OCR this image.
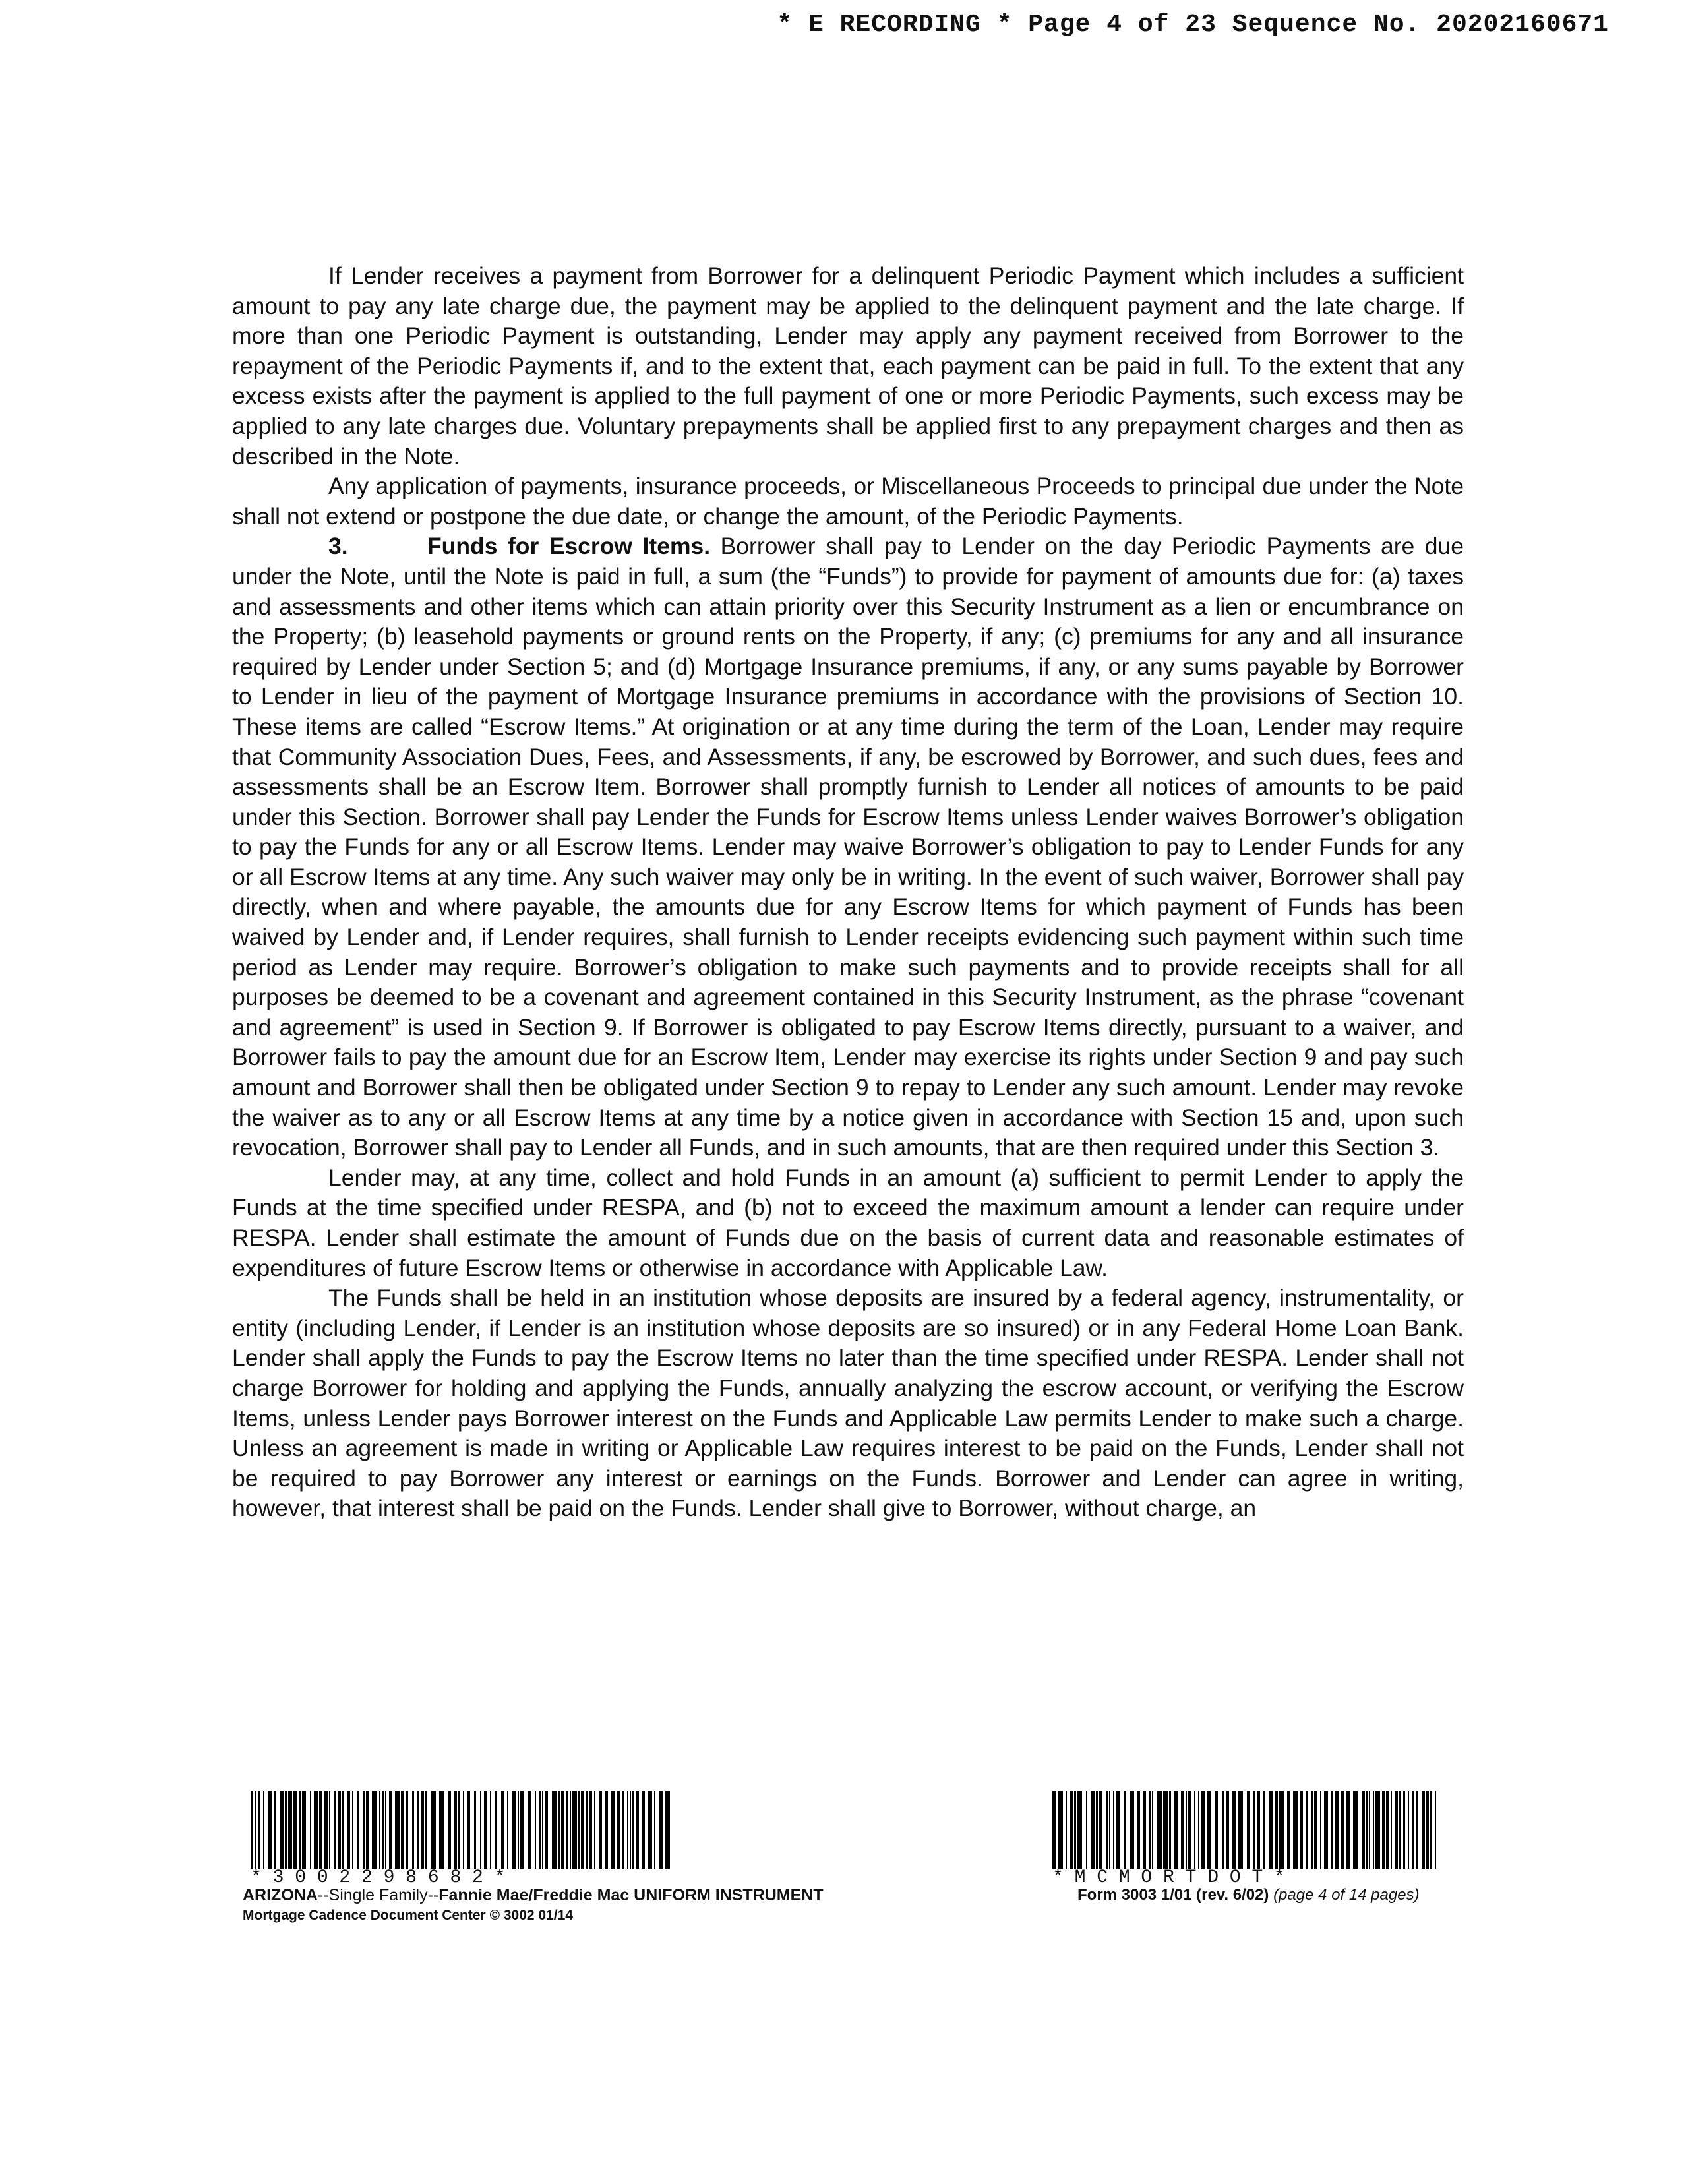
* E RECORDING * Page 4 of 23 Sequence No. 20202160671

If Lender receives a payment from Borrower for a delinquent Periodic Payment which includes a sufficient amount to pay any late charge due, the payment may be applied to the delinquent payment and the late charge. If more than one Periodic Payment is outstanding, Lender may apply any payment received from Borrower to the repayment of the Periodic Payments if, and to the extent that, each payment can be paid in full. To the extent that any excess exists after the payment is applied to the full payment of one or more Periodic Payments, such excess may be applied to any late charges due. Voluntary prepayments shall be applied first to any prepayment charges and then as described in the Note.

Any application of payments, insurance proceeds, or Miscellaneous Proceeds to principal due under the Note shall not extend or postpone the due date, or change the amount, of the Periodic Payments.

3.	Funds for Escrow Items. Borrower shall pay to Lender on the day Periodic Payments are due under the Note, until the Note is paid in full, a sum (the “Funds”) to provide for payment of amounts due for: (a) taxes and assessments and other items which can attain priority over this Security Instrument as a lien or encumbrance on the Property; (b) leasehold payments or ground rents on the Property, if any; (c) premiums for any and all insurance required by Lender under Section 5; and (d) Mortgage Insurance premiums, if any, or any sums payable by Borrower to Lender in lieu of the payment of Mortgage Insurance premiums in accordance with the provisions of Section 10. These items are called “Escrow Items.” At origination or at any time during the term of the Loan, Lender may require that Community Association Dues, Fees, and Assessments, if any, be escrowed by Borrower, and such dues, fees and assessments shall be an Escrow Item. Borrower shall promptly furnish to Lender all notices of amounts to be paid under this Section. Borrower shall pay Lender the Funds for Escrow Items unless Lender waives Borrower’s obligation to pay the Funds for any or all Escrow Items. Lender may waive Borrower’s obligation to pay to Lender Funds for any or all Escrow Items at any time. Any such waiver may only be in writing. In the event of such waiver, Borrower shall pay directly, when and where payable, the amounts due for any Escrow Items for which payment of Funds has been waived by Lender and, if Lender requires, shall furnish to Lender receipts evidencing such payment within such time period as Lender may require. Borrower’s obligation to make such payments and to provide receipts shall for all purposes be deemed to be a covenant and agreement contained in this Security Instrument, as the phrase “covenant and agreement” is used in Section 9. If Borrower is obligated to pay Escrow Items directly, pursuant to a waiver, and Borrower fails to pay the amount due for an Escrow Item, Lender may exercise its rights under Section 9 and pay such amount and Borrower shall then be obligated under Section 9 to repay to Lender any such amount. Lender may revoke the waiver as to any or all Escrow Items at any time by a notice given in accordance with Section 15 and, upon such revocation, Borrower shall pay to Lender all Funds, and in such amounts, that are then required under this Section 3.

Lender may, at any time, collect and hold Funds in an amount (a) sufficient to permit Lender to apply the Funds at the time specified under RESPA, and (b) not to exceed the maximum amount a lender can require under RESPA. Lender shall estimate the amount of Funds due on the basis of current data and reasonable estimates of expenditures of future Escrow Items or otherwise in accordance with Applicable Law.

The Funds shall be held in an institution whose deposits are insured by a federal agency, instrumentality, or entity (including Lender, if Lender is an institution whose deposits are so insured) or in any Federal Home Loan Bank. Lender shall apply the Funds to pay the Escrow Items no later than the time specified under RESPA. Lender shall not charge Borrower for holding and applying the Funds, annually analyzing the escrow account, or verifying the Escrow Items, unless Lender pays Borrower interest on the Funds and Applicable Law permits Lender to make such a charge. Unless an agreement is made in writing or Applicable Law requires interest to be paid on the Funds, Lender shall not be required to pay Borrower any interest or earnings on the Funds. Borrower and Lender can agree in writing, however, that interest shall be paid on the Funds. Lender shall give to Borrower, without charge, an

* 3 0 0 2 2 9 8 6 8 2 *	* M C M O R T D O T *
ARIZONA--Single Family--Fannie Mae/Freddie Mac UNIFORM INSTRUMENT
Mortgage Cadence Document Center © 3002 01/14
Form 3003 1/01 (rev. 6/02) (page 4 of 14 pages)
